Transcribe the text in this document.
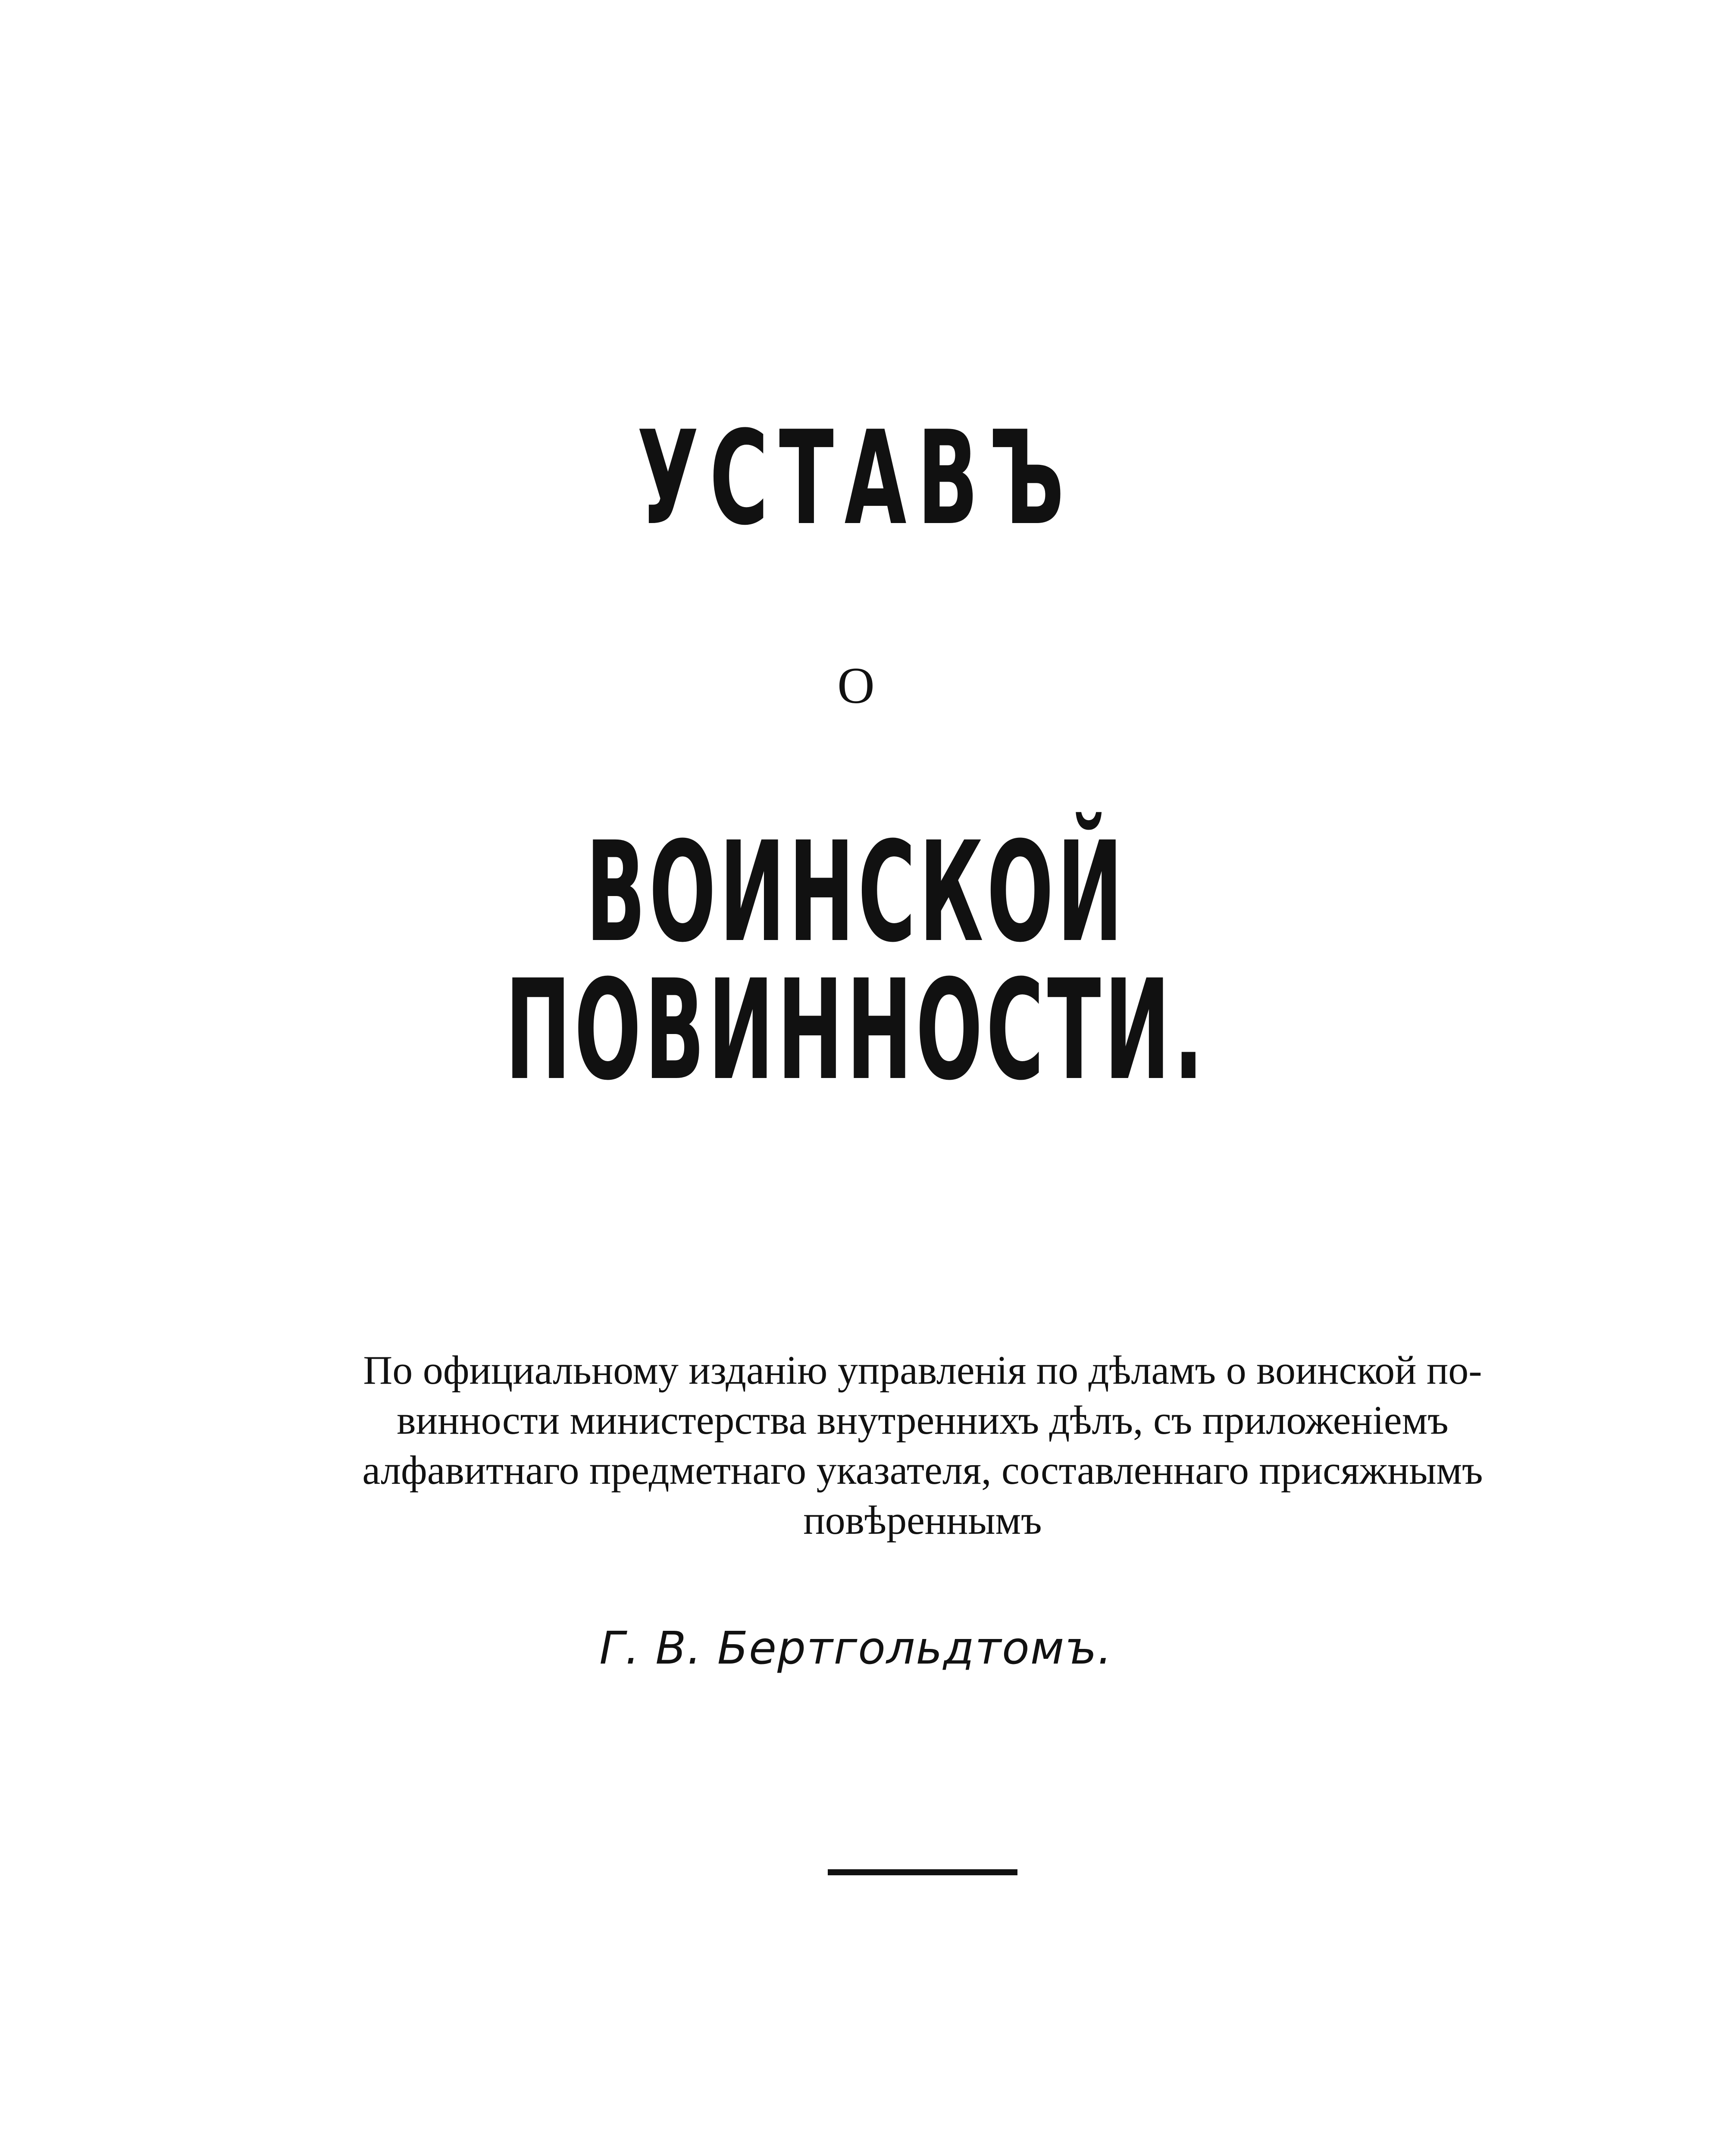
УСТАВЪ
О
ВОИНСКОЙ ПОВИННОСТИ.
По официальному изданію управленія по дѣламъ о воинской по-
винности министерства внутреннихъ дѣлъ, съ приложеніемъ
алфавитнаго предметнаго указателя, составленнаго присяжнымъ
повѣреннымъ
Г. В. Бертгольдтомъ.
